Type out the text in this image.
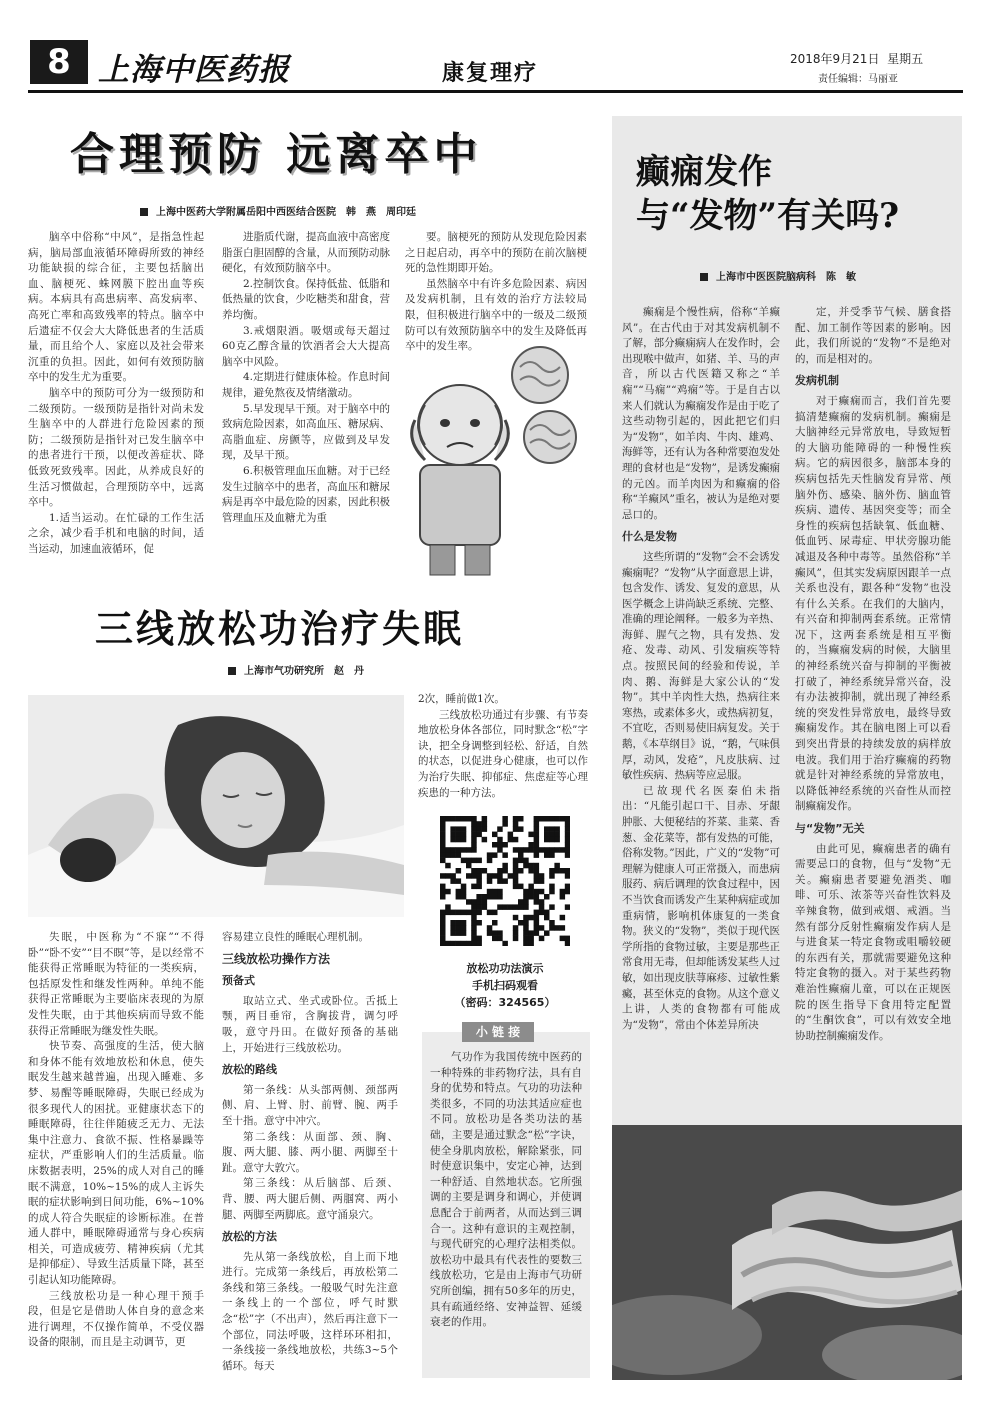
8 上海中医药报	康复理疗
2018年9月21日  星期五
责任编辑：马丽亚
合理预防 远离卒中
上海中医药大学附属岳阳中西医结合医院　韩　燕　周印廷

脑卒中俗称“中风”，是指急性起病，脑局部血液循环障碍所致的神经功能缺损的综合征，主要包括脑出血、脑梗死、蛛网膜下腔出血等疾病。本病具有高患病率、高发病率、高死亡率和高致残率的特点。脑卒中后遗症不仅会大大降低患者的生活质量，而且给个人、家庭以及社会带来沉重的负担。因此，如何有效预防脑卒中的发生尤为重要。

脑卒中的预防可分为一级预防和二级预防。一级预防是指针对尚未发生脑卒中的人群进行危险因素的预防；二级预防是指针对已发生脑卒中的患者进行干预，以便改善症状、降低致死致残率。因此，从养成良好的生活习惯做起，合理预防卒中，远离卒中。

1.适当运动。在忙碌的工作生活之余，减少看手机和电脑的时间，适当运动，加速血液循环，促

进脂质代谢，提高血液中高密度脂蛋白胆固醇的含量，从而预防动脉硬化，有效预防脑卒中。

2.控制饮食。保持低盐、低脂和低热量的饮食，少吃糖类和甜食，营养均衡。

3.戒烟限酒。吸烟或每天超过60克乙醇含量的饮酒者会大大提高脑卒中风险。

4.定期进行健康体检。作息时间规律，避免熬夜及情绪激动。

5.早发现早干预。对于脑卒中的致病危险因素，如高血压、糖尿病、高脂血症、房颤等，应做到及早发现，及早干预。

6.积极管理血压血糖。对于已经发生过脑卒中的患者，高血压和糖尿病是再卒中最危险的因素，因此积极管理血压及血糖尤为重

要。脑梗死的预防从发现危险因素之日起启动，再卒中的预防在前次脑梗死的急性期即开始。

虽然脑卒中有许多危险因素、病因及发病机制，且有效的治疗方法较局限，但积极进行脑卒中的一级及二级预防可以有效预防脑卒中的发生及降低再卒中的发生率。

癫痫发作
与“发物”有关吗?
上海市中医医院脑病科　陈　敏

癫痫是个慢性病，俗称“羊癫风”。在古代由于对其发病机制不了解，部分癫痫病人在发作时，会出现喉中做声，如猪、羊、马的声音，所以古代医籍又称之“羊痫”“马痫”“鸡痫”等。于是自古以来人们就认为癫痫发作是由于吃了这些动物引起的，因此把它们归为“发物”，如羊肉、牛肉、雄鸡、海鲜等，还有认为各种常要泡发处理的食材也是“发物”，是诱发癫痫的元凶。而羊肉因为和癫痫的俗称“羊癫风”重名，被认为是绝对要忌口的。

什么是发物

这些所谓的“发物”会不会诱发癫痫呢？“发物”从字面意思上讲，包含发作、诱发、复发的意思，从医学概念上讲尚缺乏系统、完整、准确的理论阐释。一般多为辛热、海鲜、腥气之物，具有发热、发疮、发毒、动风、引发痼疾等特点。按照民间的经验和传说，羊肉、鹅、海鲜是大家公认的“发物”。其中羊肉性大热，热病往来寒热，或素体多火，或热病初复，不宜吃，否则易使旧病复发。关于鹅，《本草纲目》说，“鹅，气味俱厚，动风，发疮”，凡皮肤病、过敏性疾病、热病等应忌服。

已故现代名医秦伯未指出：“凡能引起口干、目赤、牙龈肿胀、大便秘结的芥菜、韭菜、香葱、金花菜等，都有发热的可能，俗称发物。”因此，广义的“发物”可理解为健康人可正常摄入，而患病服药、病后调理的饮食过程中，因不当饮食而诱发产生某种病症或加重病情，影响机体康复的一类食物。狭义的“发物”，类似于现代医学所指的食物过敏，主要是那些正常食用无毒，但却能诱发某些人过敏，如出现皮肤荨麻疹、过敏性紫癜，甚至休克的食物。从这个意义上讲，人类的食物都有可能成为“发物”，常由个体差异所决

定，并受季节气候、膳食搭配、加工制作等因素的影响。因此，我们所说的“发物”不是绝对的，而是相对的。

发病机制

对于癫痫而言，我们首先要搞清楚癫痫的发病机制。癫痫是大脑神经元异常放电，导致短暂的大脑功能障碍的一种慢性疾病。它的病因很多，脑部本身的疾病包括先天性脑发育异常、颅脑外伤、感染、脑外伤、脑血管疾病、遗传、基因突变等；而全身性的疾病包括缺氧、低血糖、低血钙、尿毒症、甲状旁腺功能减退及各种中毒等。虽然俗称“羊癫风”，但其实发病原因跟羊一点关系也没有，跟各种“发物”也没有什么关系。在我们的大脑内，有兴奋和抑制两套系统。正常情况下，这两套系统是相互平衡的，当癫痫发病的时候，大脑里的神经系统兴奋与抑制的平衡被打破了，神经系统异常兴奋，没有办法被抑制，就出现了神经系统的突发性异常放电，最终导致癫痫发作。其在脑电图上可以看到突出背景的持续发放的病样放电波。我们用于治疗癫痫的药物就是针对神经系统的异常放电，以降低神经系统的兴奋性从而控制癫痫发作。

与“发物”无关

由此可见，癫痫患者的确有需要忌口的食物，但与“发物”无关。癫痫患者要避免酒类、咖啡、可乐、浓茶等兴奋性饮料及辛辣食物，做到戒烟、戒酒。当然有部分反射性癫痫发作病人是与进食某一特定食物或咀嚼较硬的东西有关，那就需要避免这种特定食物的摄入。对于某些药物难治性癫痫儿童，可以在正规医院的医生指导下食用特定配置的“生酮饮食”，可以有效安全地协助控制癫痫发作。

三线放松功治疗失眠
上海市气功研究所　赵　丹

2次，睡前做1次。

三线放松功通过有步骤、有节奏地放松身体各部位，同时默念“松”字诀，把全身调整到轻松、舒适，自然的状态，以促进身心健康，也可以作为治疗失眠、抑郁症、焦虑症等心理疾患的一种方法。

放松功功法演示
手机扫码观看
（密码：324565）
小 链 接

气功作为我国传统中医药的一种特殊的非药物疗法，具有自身的优势和特点。气功的功法种类很多，不同的功法其适应症也不同。放松功是各类功法的基础，主要是通过默念“松”字诀，使全身肌肉放松，解除紧张，同时使意识集中，安定心神，达到一种舒适、自然地状态。它所强调的主要是调身和调心，并使调息配合于前两者，从而达到三调合一。这种有意识的主观控制，与现代研究的心理疗法相类似。放松功中最具有代表性的要数三线放松功，它是由上海市气功研究所创编，拥有50多年的历史，具有疏通经络、安神益智、延缓衰老的作用。

失眠，中医称为“不寐”“不得卧”“卧不安”“目不瞑”等，是以经常不能获得正常睡眠为特征的一类疾病，包括原发性和继发性两种。单纯不能获得正常睡眠为主要临床表现的为原发性失眠，由于其他疾病而导致不能获得正常睡眠为继发性失眠。

快节奏、高强度的生活，使大脑和身体不能有效地放松和休息，使失眠发生越来越普遍，出现入睡难、多梦、易醒等睡眠障碍，失眠已经成为很多现代人的困扰。亚健康状态下的睡眠障碍，往往伴随疲乏无力、无法集中注意力、食欲不振、性格暴躁等症状，严重影响人们的生活质量。临床数据表明，25%的成人对自己的睡眠不满意，10%~15%的成人主诉失眠的症状影响到日间功能，6%~10%的成人符合失眠症的诊断标准。在普通人群中，睡眠障碍通常与身心疾病相关，可造成疲劳、精神疾病（尤其是抑郁症）、导致生活质量下降，甚至引起认知功能障碍。

三线放松功是一种心理干预手段，但是它是借助人体自身的意念来进行调理，不仅操作简单，不受仪器设备的限制，而且是主动调节，更

容易建立良性的睡眠心理机制。

三线放松功操作方法

预备式

取站立式、坐式或卧位。舌抵上颚，两目垂帘，含胸拔背，调匀呼吸，意守丹田。在做好预备的基础上，开始进行三线放松功。

放松的路线

第一条线：从头部两侧、颈部两侧、肩、上臂、肘、前臂、腕、两手至十指。意守中冲穴。

第二条线：从面部、颈、胸、腹、两大腿、膝、两小腿、两脚至十趾。意守大敦穴。

第三条线：从后脑部、后颈、背、腰、两大腿后侧、两腘窝、两小腿、两脚至两脚底。意守涌泉穴。

放松的方法

先从第一条线放松，自上而下地进行。完成第一条线后，再放松第二条线和第三条线。一般吸气时先注意一条线上的一个部位，呼气时默念“松”字（不出声），然后再注意下一个部位，同法呼吸，这样环环相扣，一条线接一条线地放松，共练3~5个循环。每天
